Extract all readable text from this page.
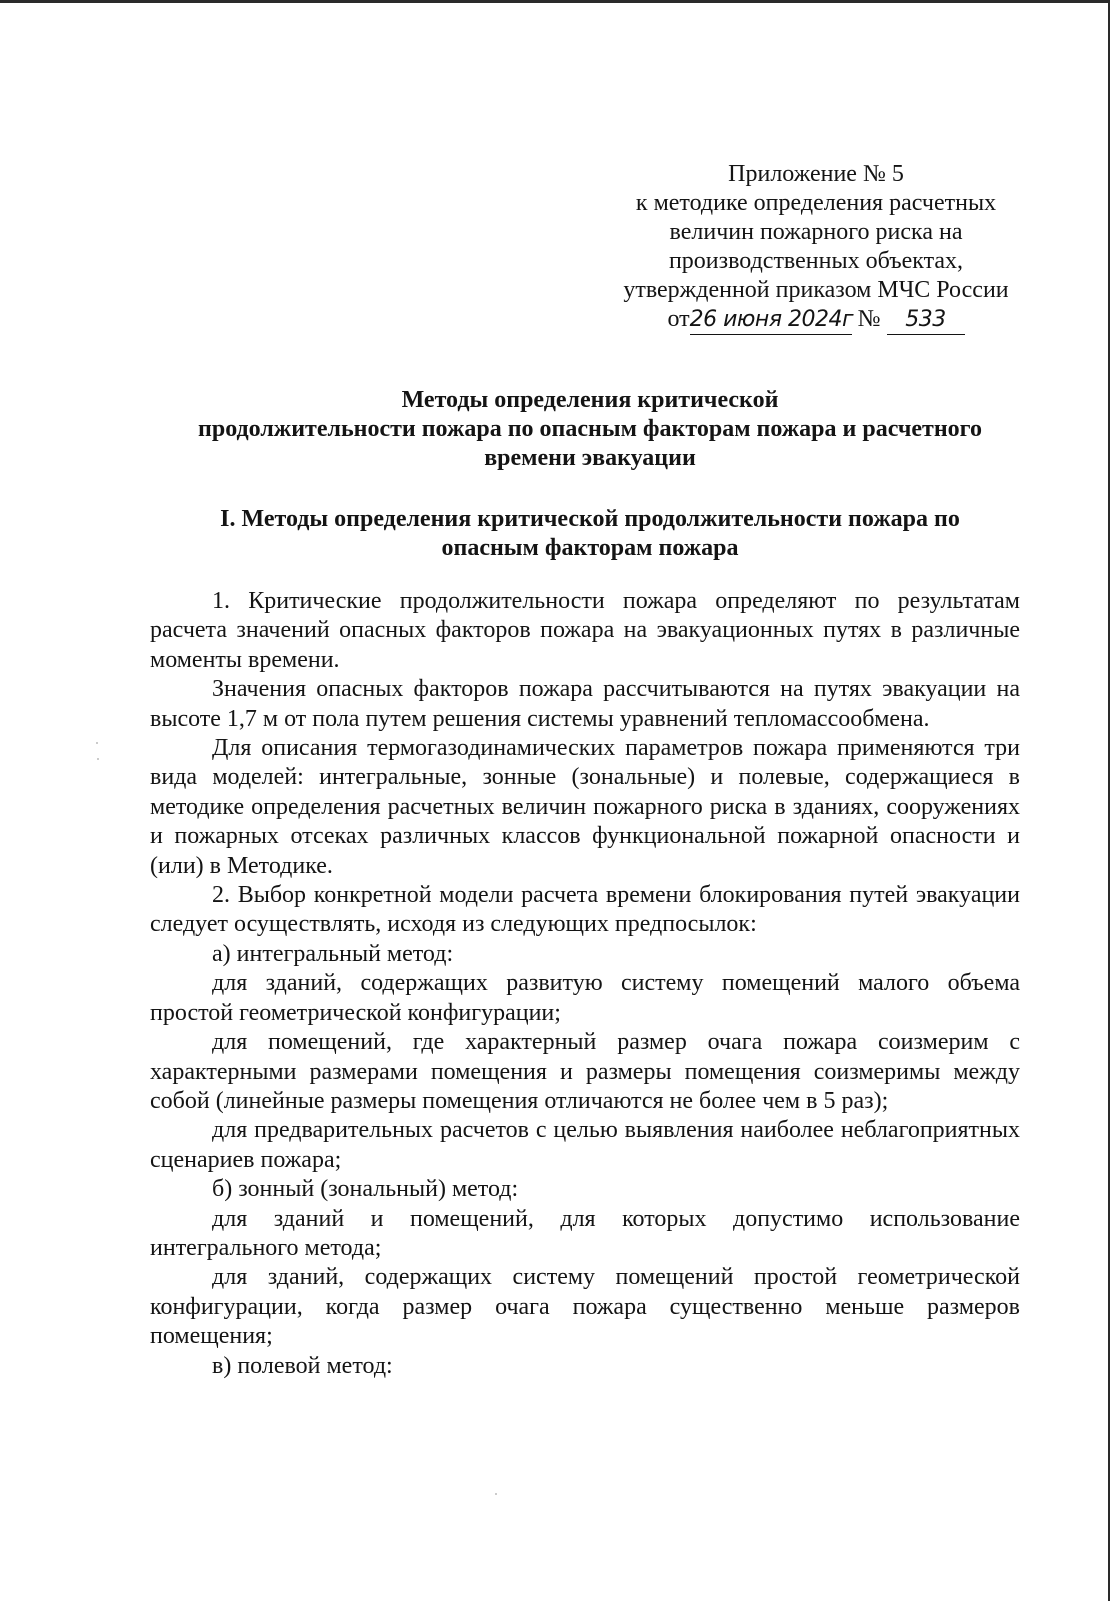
Приложение № 5
к методике определения расчетных
величин пожарного риска на
производственных объектах,
утвержденной приказом МЧС России
от26 июня 2024г № 533
Методы определения критической
продолжительности пожара по опасным факторам пожара и расчетного
времени эвакуации
I. Методы определения критической продолжительности пожара по
опасным факторам пожара

1. Критические продолжительности пожара определяют по результатам расчета значений опасных факторов пожара на эвакуационных путях в различные моменты времени.

Значения опасных факторов пожара рассчитываются на путях эвакуации на высоте 1,7 м от пола путем решения системы уравнений тепломассообмена.

Для описания термогазодинамических параметров пожара применяются три вида моделей: интегральные, зонные (зональные) и полевые, содержащиеся в методике определения расчетных величин пожарного риска в зданиях, сооружениях и пожарных отсеках различных классов функциональной пожарной опасности и (или) в Методике.

2. Выбор конкретной модели расчета времени блокирования путей эвакуации следует осуществлять, исходя из следующих предпосылок:

а) интегральный метод:

для зданий, содержащих развитую систему помещений малого объема простой геометрической конфигурации;

для помещений, где характерный размер очага пожара соизмерим с характерными размерами помещения и размеры помещения соизмеримы между собой (линейные размеры помещения отличаются не более чем в 5 раз);

для предварительных расчетов с целью выявления наиболее неблагоприятных сценариев пожара;

б) зонный (зональный) метод:

для зданий и помещений, для которых допустимо использование интегрального метода;

для зданий, содержащих систему помещений простой геометрической конфигурации, когда размер очага пожара существенно меньше размеров помещения;

в) полевой метод:
